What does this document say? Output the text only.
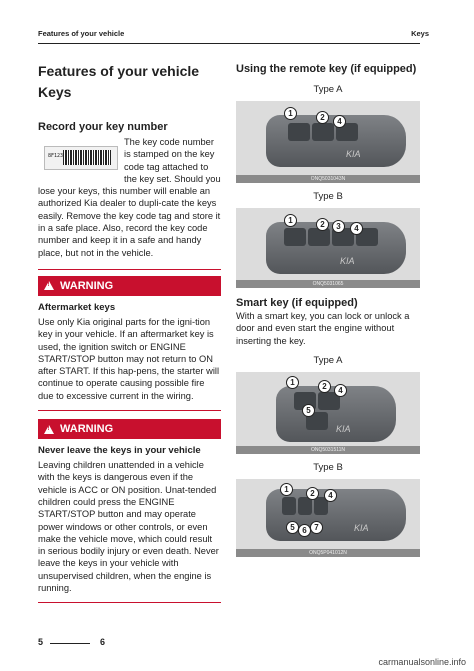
Features of your vehicle	Keys

Features of your vehicle

Keys

Record your key number

8F123

The key code number is stamped on the key code tag attached to the key set. Should you lose your keys, this number will enable an authorized Kia dealer to dupli-cate the keys easily. Remove the key code tag and store it in a safe place. Also, record the key code number and keep it in a safe and handy place, but not in the vehicle.

! WARNING
Aftermarket keys

Use only Kia original parts for the igni-tion key in your vehicle. If an aftermarket key is used, the ignition switch or ENGINE START/STOP button may not return to ON after START. If this hap-pens, the starter will continue to operate causing possible fire due to excessive current in the wiring.

! WARNING
Never leave the keys in your vehicle

Leaving children unattended in a vehicle with the keys is dangerous even if the vehicle is ACC or ON position. Unat-tended children could press the ENGINE START/STOP button and may operate power windows or other controls, or even make the vehicle move, which could result in serious bodily injury or even death. Never leave the keys in your vehicle with unsupervised children, when the engine is running.

Using the remote key (if equipped)

Type A
KIA
1	2	4
ONQ5031043N
Type B
KIA
1	2	3	4
ONQ5031065

Smart key (if equipped)

With a smart key, you can lock or unlock a door and even start the engine without inserting the key.

Type A
KIA
1	2	4
5
ONQ5031511N
Type B
KIA
1	2	4
5 6 7
ONQ5P041012N
5	6
carmanualsonline.info
